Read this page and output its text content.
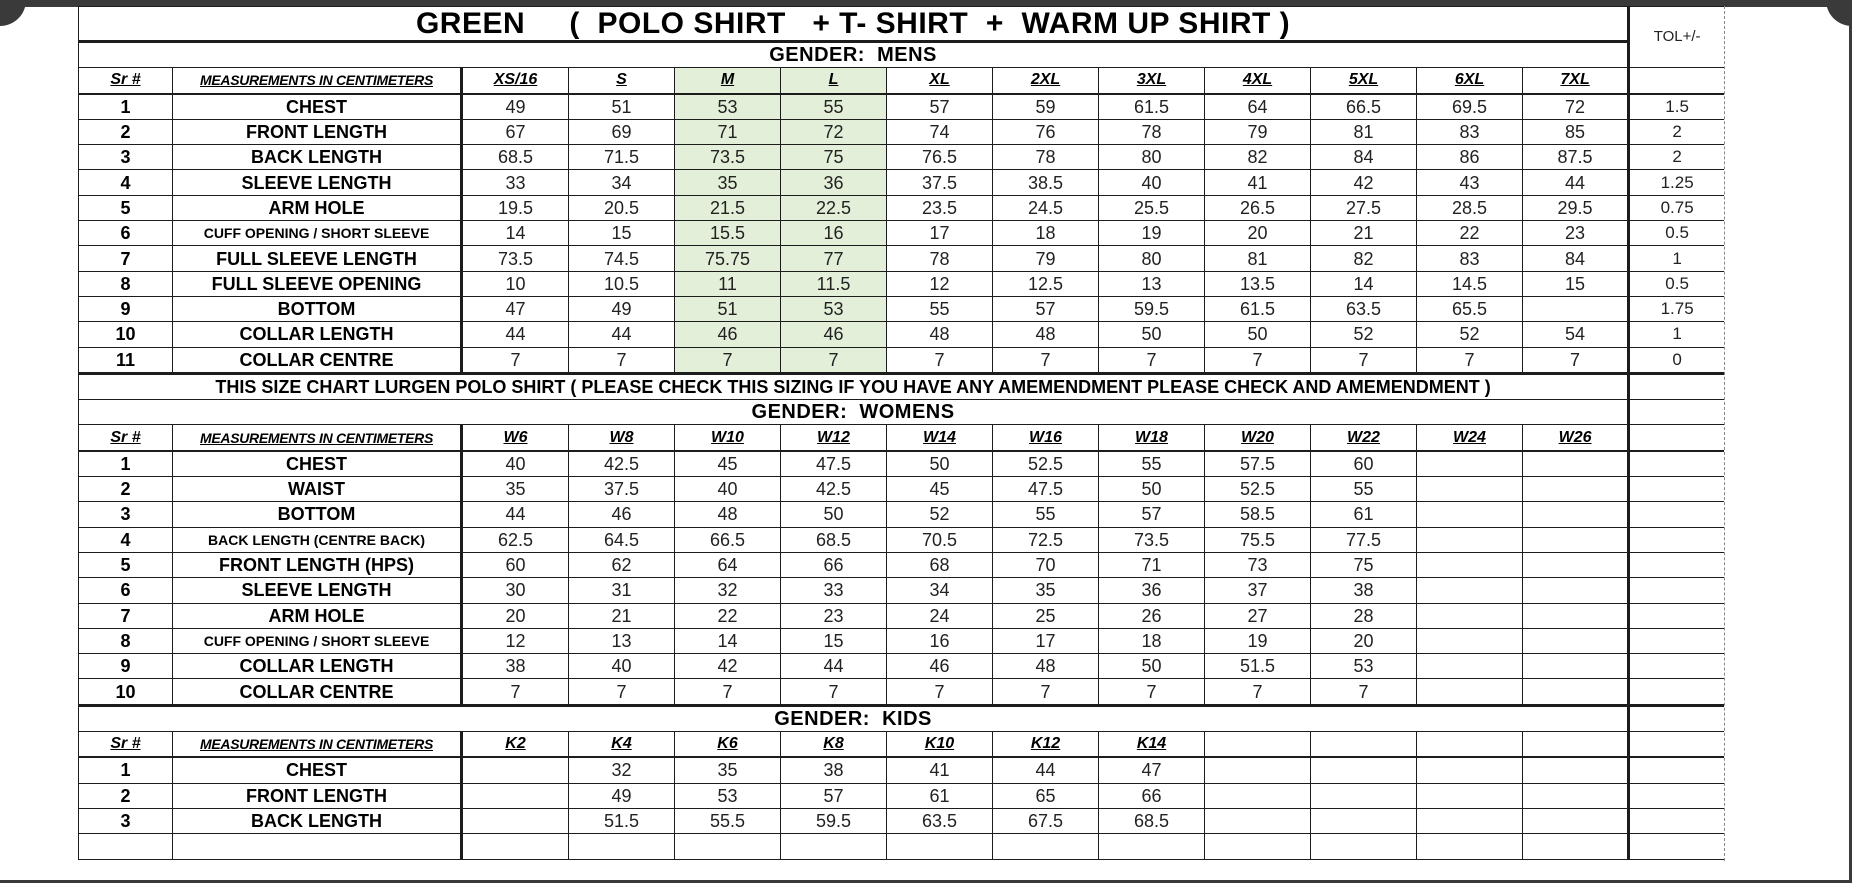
GREEN     (  POLO SHIRT   + T- SHIRT  +  WARM UP SHIRT )													TOL+/-
GENDER:  MENS													
Sr #	MEASUREMENTS IN CENTIMETERS	XS/16	S	M	L	XL	2XL	3XL	4XL	5XL	6XL	7XL	
1	CHEST	49	51	53	55	57	59	61.5	64	66.5	69.5	72	1.5
2	FRONT LENGTH	67	69	71	72	74	76	78	79	81	83	85	2
3	BACK LENGTH	68.5	71.5	73.5	75	76.5	78	80	82	84	86	87.5	2
4	SLEEVE LENGTH	33	34	35	36	37.5	38.5	40	41	42	43	44	1.25
5	ARM HOLE	19.5	20.5	21.5	22.5	23.5	24.5	25.5	26.5	27.5	28.5	29.5	0.75
6	CUFF OPENING / SHORT SLEEVE	14	15	15.5	16	17	18	19	20	21	22	23	0.5
7	FULL SLEEVE LENGTH	73.5	74.5	75.75	77	78	79	80	81	82	83	84	1
8	FULL SLEEVE OPENING	10	10.5	11	11.5	12	12.5	13	13.5	14	14.5	15	0.5
9	BOTTOM	47	49	51	53	55	57	59.5	61.5	63.5	65.5		1.75
10	COLLAR LENGTH	44	44	46	46	48	48	50	50	52	52	54	1
11	COLLAR CENTRE	7	7	7	7	7	7	7	7	7	7	7	0
THIS SIZE CHART LURGEN POLO SHIRT ( PLEASE CHECK THIS SIZING IF YOU HAVE ANY AMEMENDMENT PLEASE CHECK AND AMEMENDMENT )													
GENDER:  WOMENS													
Sr #	MEASUREMENTS IN CENTIMETERS	W6	W8	W10	W12	W14	W16	W18	W20	W22	W24	W26	
1	CHEST	40	42.5	45	47.5	50	52.5	55	57.5	60			
2	WAIST	35	37.5	40	42.5	45	47.5	50	52.5	55			
3	BOTTOM	44	46	48	50	52	55	57	58.5	61			
4	BACK LENGTH (CENTRE BACK)	62.5	64.5	66.5	68.5	70.5	72.5	73.5	75.5	77.5			
5	FRONT LENGTH (HPS)	60	62	64	66	68	70	71	73	75			
6	SLEEVE LENGTH	30	31	32	33	34	35	36	37	38			
7	ARM HOLE	20	21	22	23	24	25	26	27	28			
8	CUFF OPENING / SHORT SLEEVE	12	13	14	15	16	17	18	19	20			
9	COLLAR LENGTH	38	40	42	44	46	48	50	51.5	53			
10	COLLAR CENTRE	7	7	7	7	7	7	7	7	7			
GENDER:  KIDS													
Sr #	MEASUREMENTS IN CENTIMETERS	K2	K4	K6	K8	K10	K12	K14					
1	CHEST		32	35	38	41	44	47					
2	FRONT LENGTH		49	53	57	61	65	66					
3	BACK LENGTH		51.5	55.5	59.5	63.5	67.5	68.5					
